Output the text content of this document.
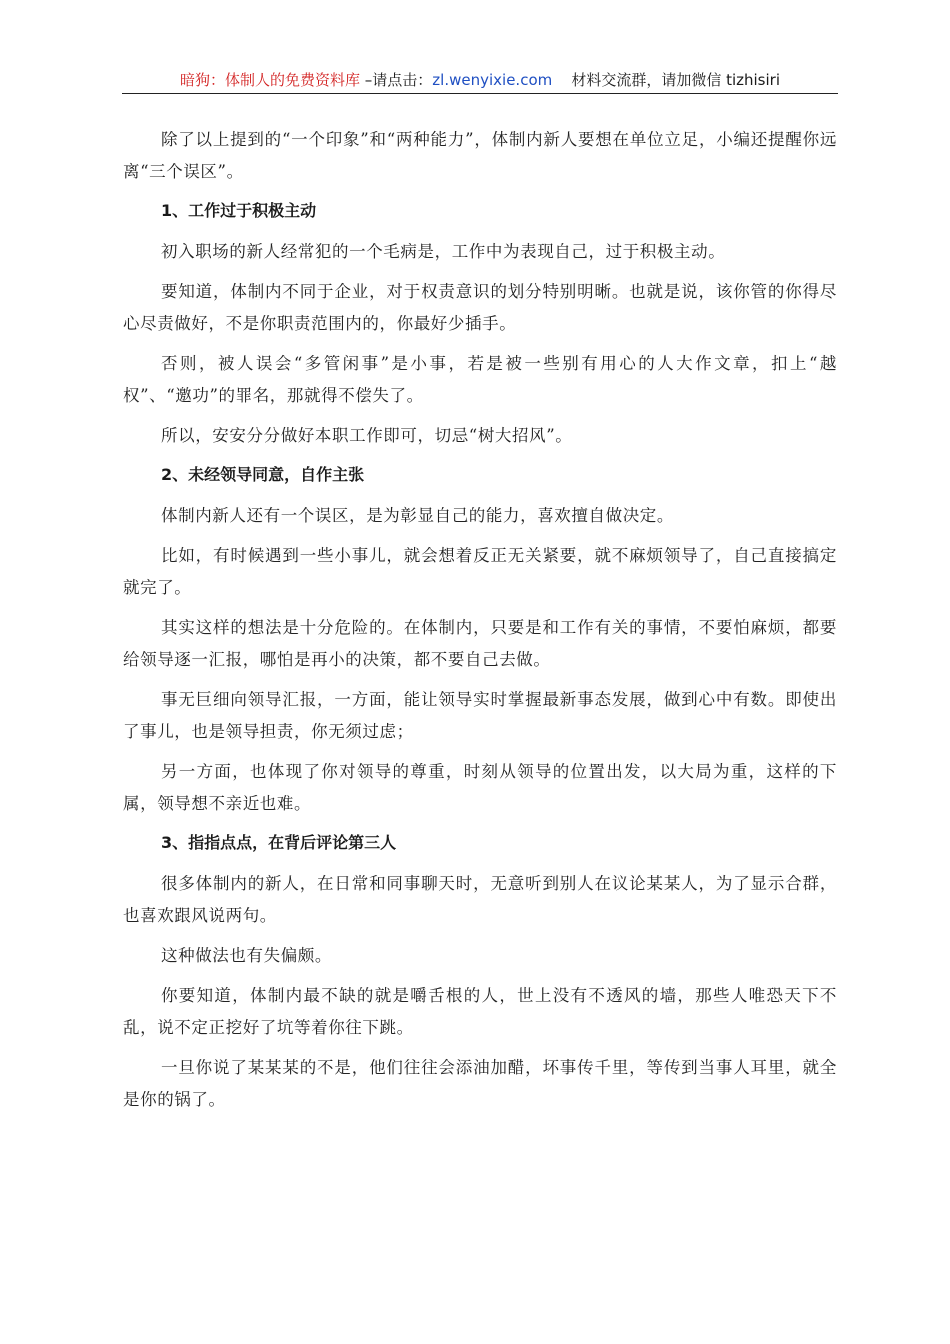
暗狗：体制人的免费资料库 –请点击：zl.wenyixie.com 材料交流群，请加微信 tizhisiri

除了以上提到的“一个印象”和“两种能力”，体制内新人要想在单位立足，小编还提醒你远离“三个误区”。

1、工作过于积极主动

初入职场的新人经常犯的一个毛病是，工作中为表现自己，过于积极主动。

要知道，体制内不同于企业，对于权责意识的划分特别明晰。也就是说，该你管的你得尽心尽责做好，不是你职责范围内的，你最好少插手。

否则，被人误会“多管闲事”是小事，若是被一些别有用心的人大作文章，扣上“越权”、“邀功”的罪名，那就得不偿失了。

所以，安安分分做好本职工作即可，切忌“树大招风”。

2、未经领导同意，自作主张

体制内新人还有一个误区，是为彰显自己的能力，喜欢擅自做决定。

比如，有时候遇到一些小事儿，就会想着反正无关紧要，就不麻烦领导了，自己直接搞定就完了。

其实这样的想法是十分危险的。在体制内，只要是和工作有关的事情，不要怕麻烦，都要给领导逐一汇报，哪怕是再小的决策，都不要自己去做。

事无巨细向领导汇报，一方面，能让领导实时掌握最新事态发展，做到心中有数。即使出了事儿，也是领导担责，你无须过虑；

另一方面，也体现了你对领导的尊重，时刻从领导的位置出发，以大局为重，这样的下属，领导想不亲近也难。

3、指指点点，在背后评论第三人

很多体制内的新人，在日常和同事聊天时，无意听到别人在议论某某人，为了显示合群，也喜欢跟风说两句。

这种做法也有失偏颇。

你要知道，体制内最不缺的就是嚼舌根的人，世上没有不透风的墙，那些人唯恐天下不乱，说不定正挖好了坑等着你往下跳。

一旦你说了某某某的不是，他们往往会添油加醋，坏事传千里，等传到当事人耳里，就全是你的锅了。
